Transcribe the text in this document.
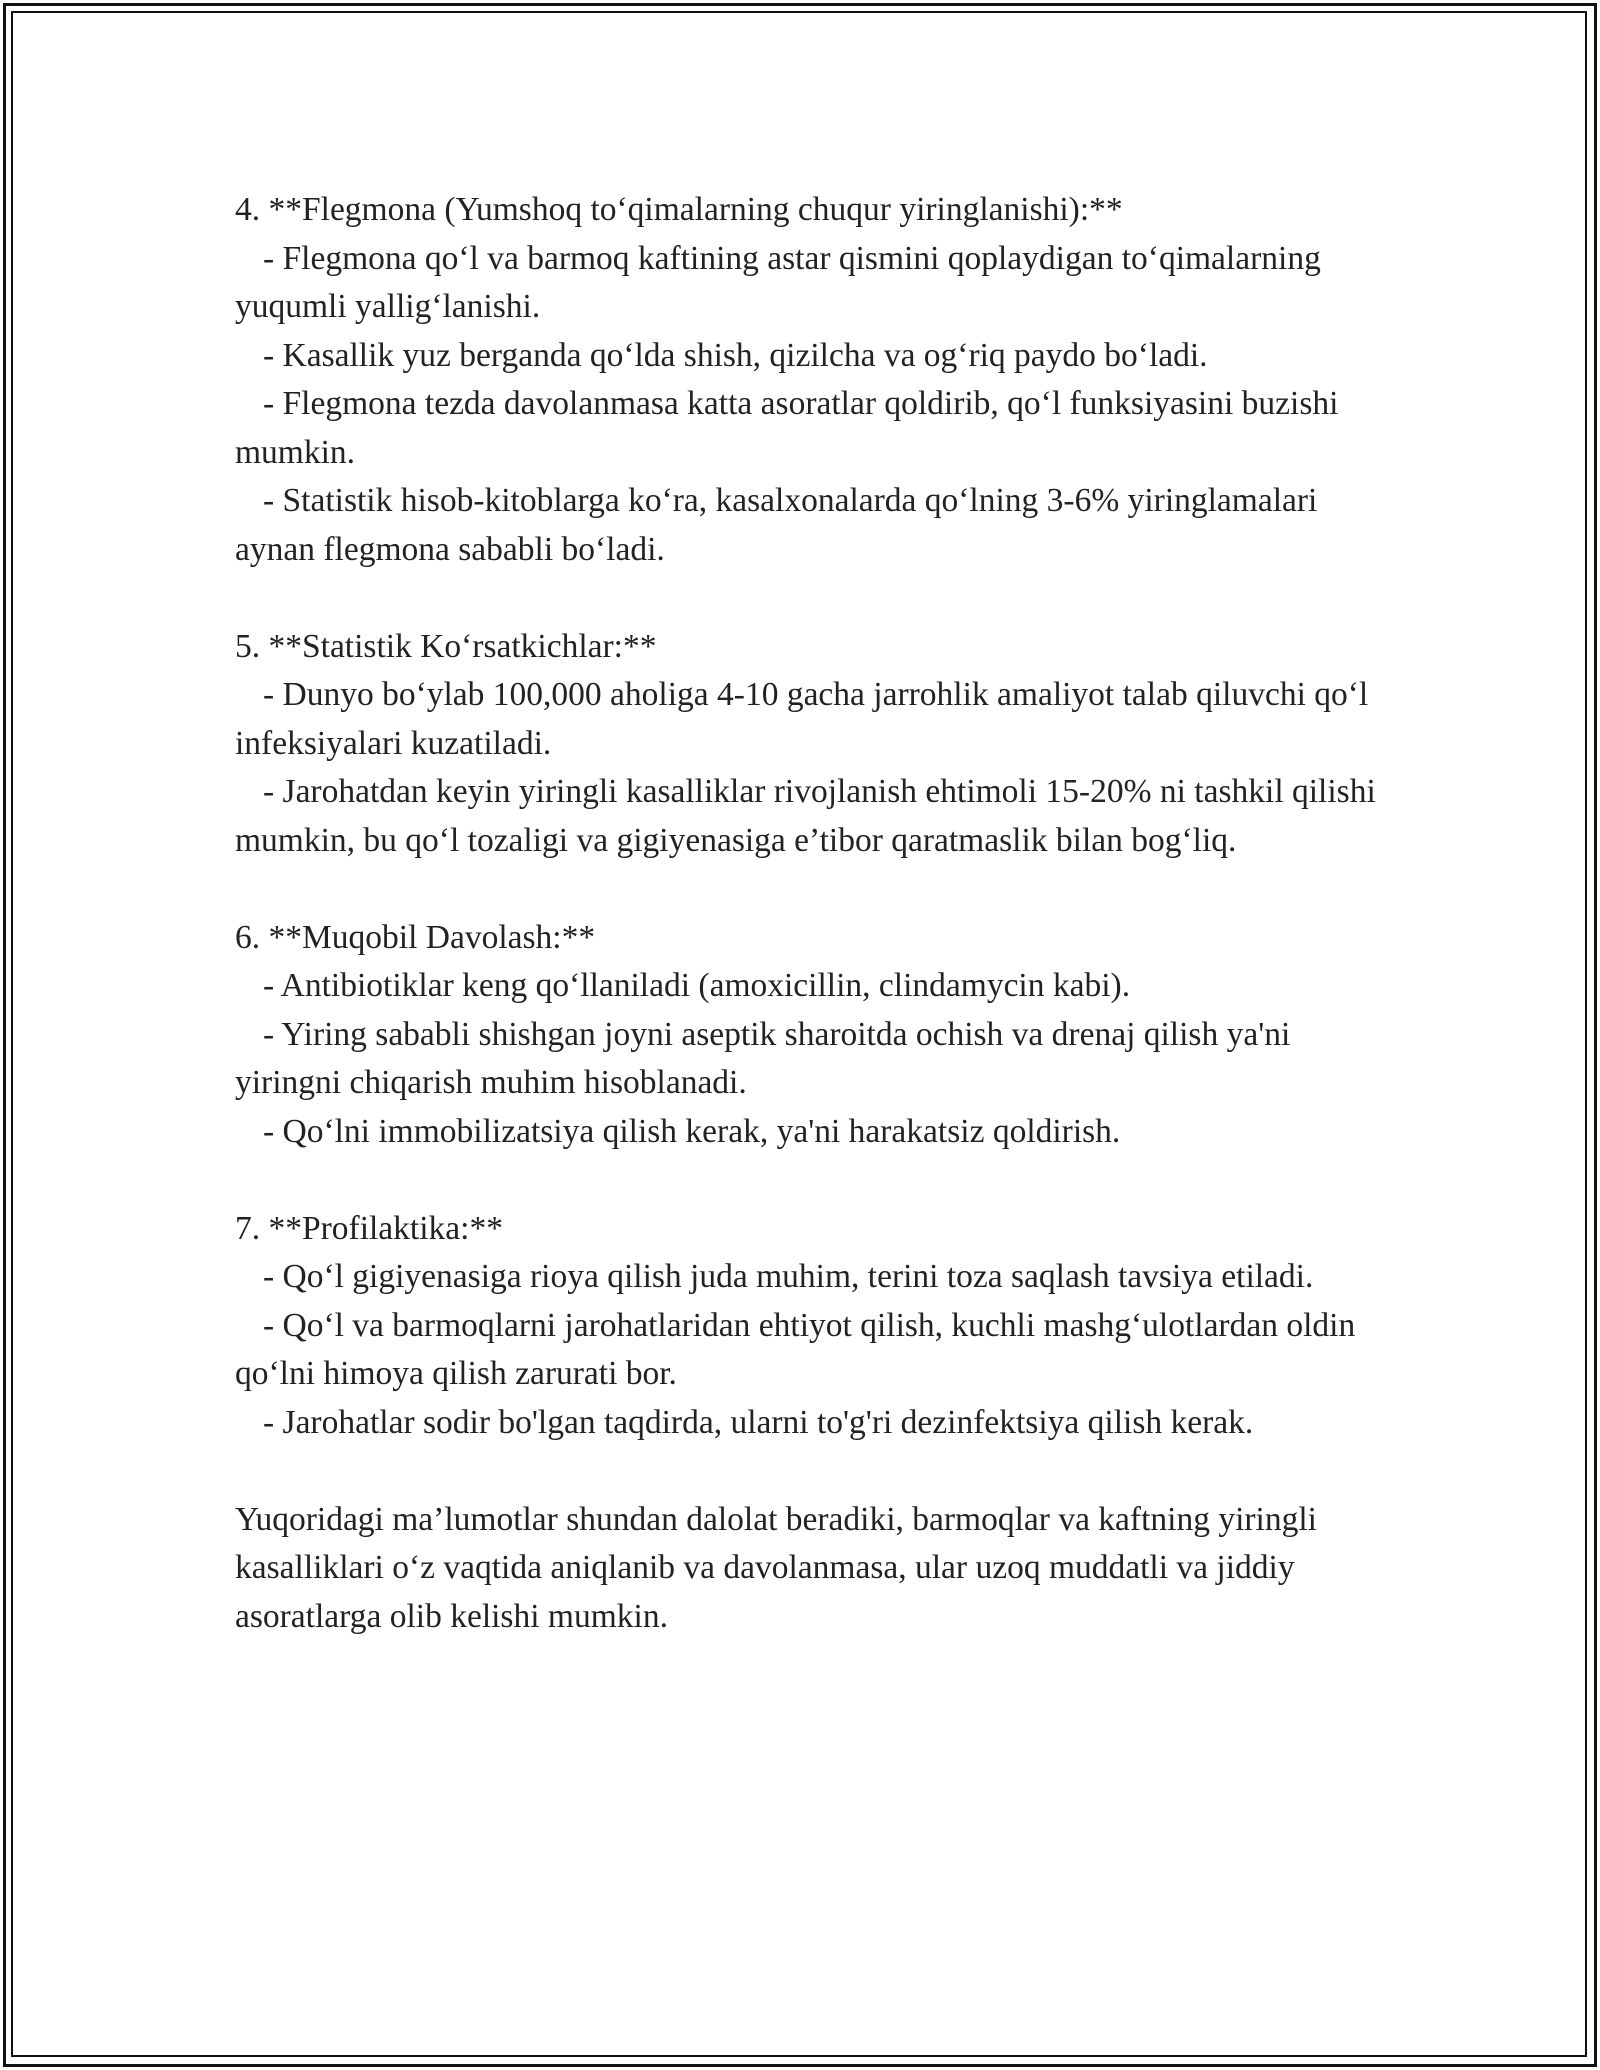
4. **Flegmona (Yumshoq to‘qimalarning chuqur yiringlanishi):**

- Flegmona qo‘l va barmoq kaftining astar qismini qoplaydigan to‘qimalarning yuqumli yallig‘lanishi.

- Kasallik yuz berganda qo‘lda shish, qizilcha va og‘riq paydo bo‘ladi.

- Flegmona tezda davolanmasa katta asoratlar qoldirib, qo‘l funksiyasini buzishi mumkin.

- Statistik hisob-kitoblarga ko‘ra, kasalxonalarda qo‘lning 3-6% yiringlamalari aynan flegmona sababli bo‘ladi.

5. **Statistik Ko‘rsatkichlar:**

- Dunyo bo‘ylab 100,000 aholiga 4-10 gacha jarrohlik amaliyot talab qiluvchi qo‘l infeksiyalari kuzatiladi.

- Jarohatdan keyin yiringli kasalliklar rivojlanish ehtimoli 15-20% ni tashkil qilishi mumkin, bu qo‘l tozaligi va gigiyenasiga e’tibor qaratmaslik bilan bog‘liq.

6. **Muqobil Davolash:**

- Antibiotiklar keng qo‘llaniladi (amoxicillin, clindamycin kabi).

- Yiring sababli shishgan joyni aseptik sharoitda ochish va drenaj qilish ya'ni yiringni chiqarish muhim hisoblanadi.

- Qo‘lni immobilizatsiya qilish kerak, ya'ni harakatsiz qoldirish.

7. **Profilaktika:**

- Qo‘l gigiyenasiga rioya qilish juda muhim, terini toza saqlash tavsiya etiladi.

- Qo‘l va barmoqlarni jarohatlaridan ehtiyot qilish, kuchli mashg‘ulotlardan oldin qo‘lni himoya qilish zarurati bor.

- Jarohatlar sodir bo'lgan taqdirda, ularni to'g'ri dezinfektsiya qilish kerak.

Yuqoridagi ma’lumotlar shundan dalolat beradiki, barmoqlar va kaftning yiringli kasalliklari o‘z vaqtida aniqlanib va davolanmasa, ular uzoq muddatli va jiddiy asoratlarga olib kelishi mumkin.
